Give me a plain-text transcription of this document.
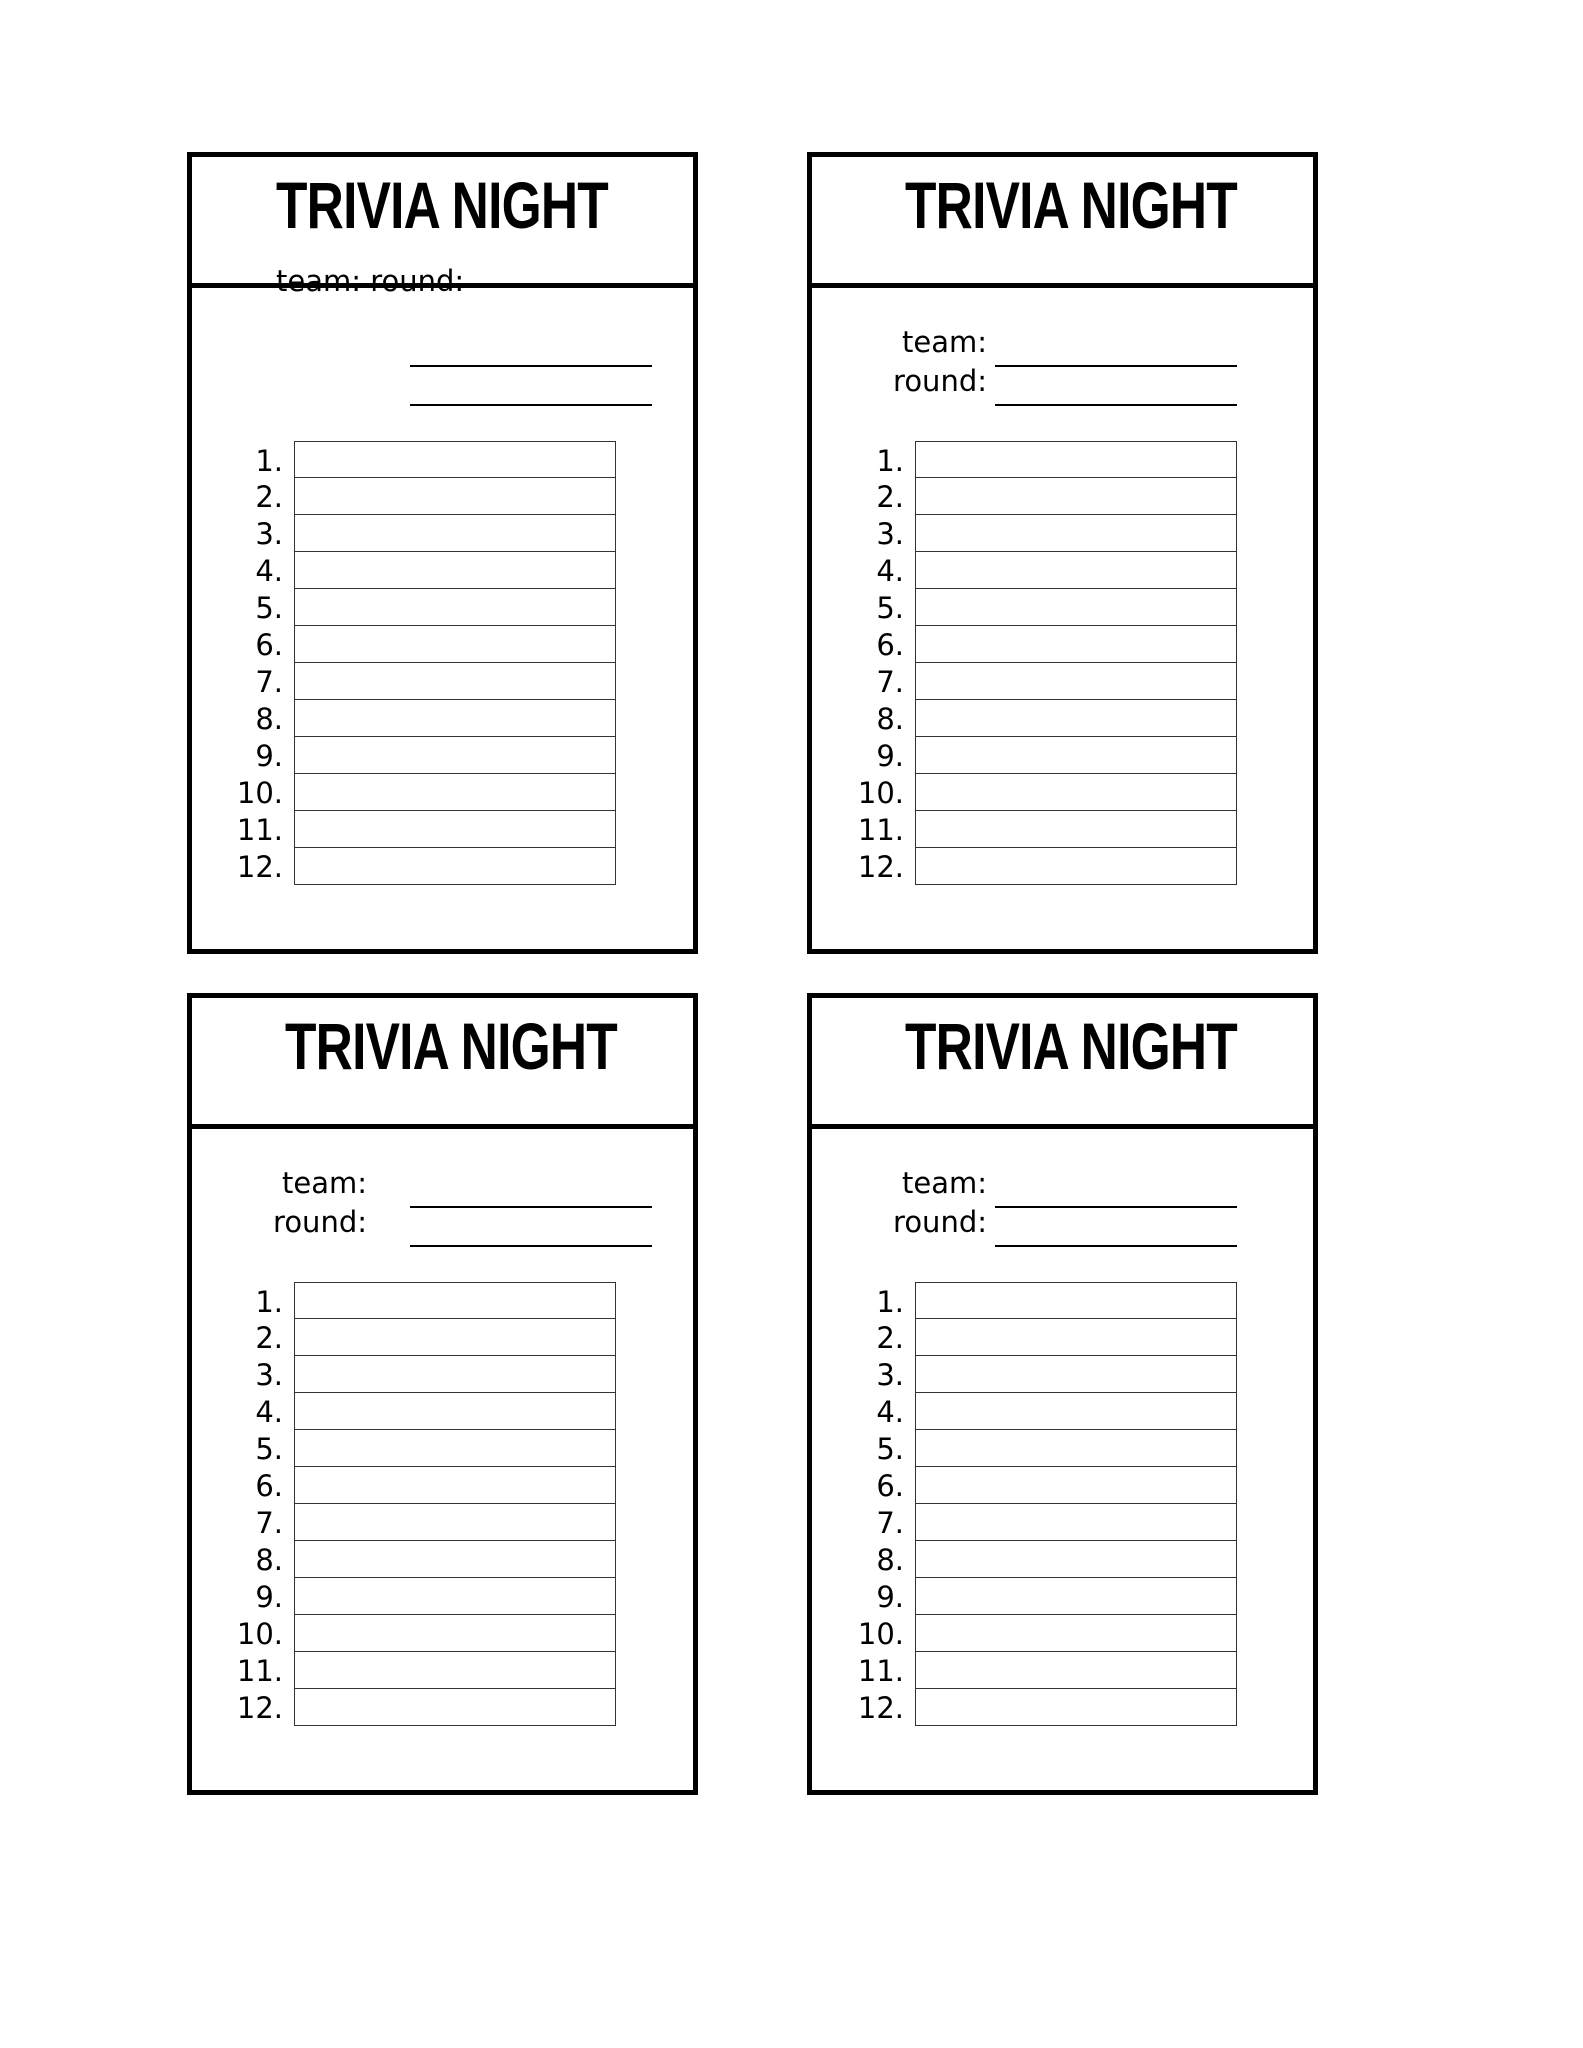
TRIVIA NIGHT
team: round:
1.
2.
3.
4.
5.
6.
7.
8.
9.
10.
11.
12.
TRIVIA NIGHT
team:
round:
1.
2.
3.
4.
5.
6.
7.
8.
9.
10.
11.
12.
TRIVIA NIGHT
team:
round:
1.
2.
3.
4.
5.
6.
7.
8.
9.
10.
11.
12.
TRIVIA NIGHT
team:
round:
1.
2.
3.
4.
5.
6.
7.
8.
9.
10.
11.
12.
